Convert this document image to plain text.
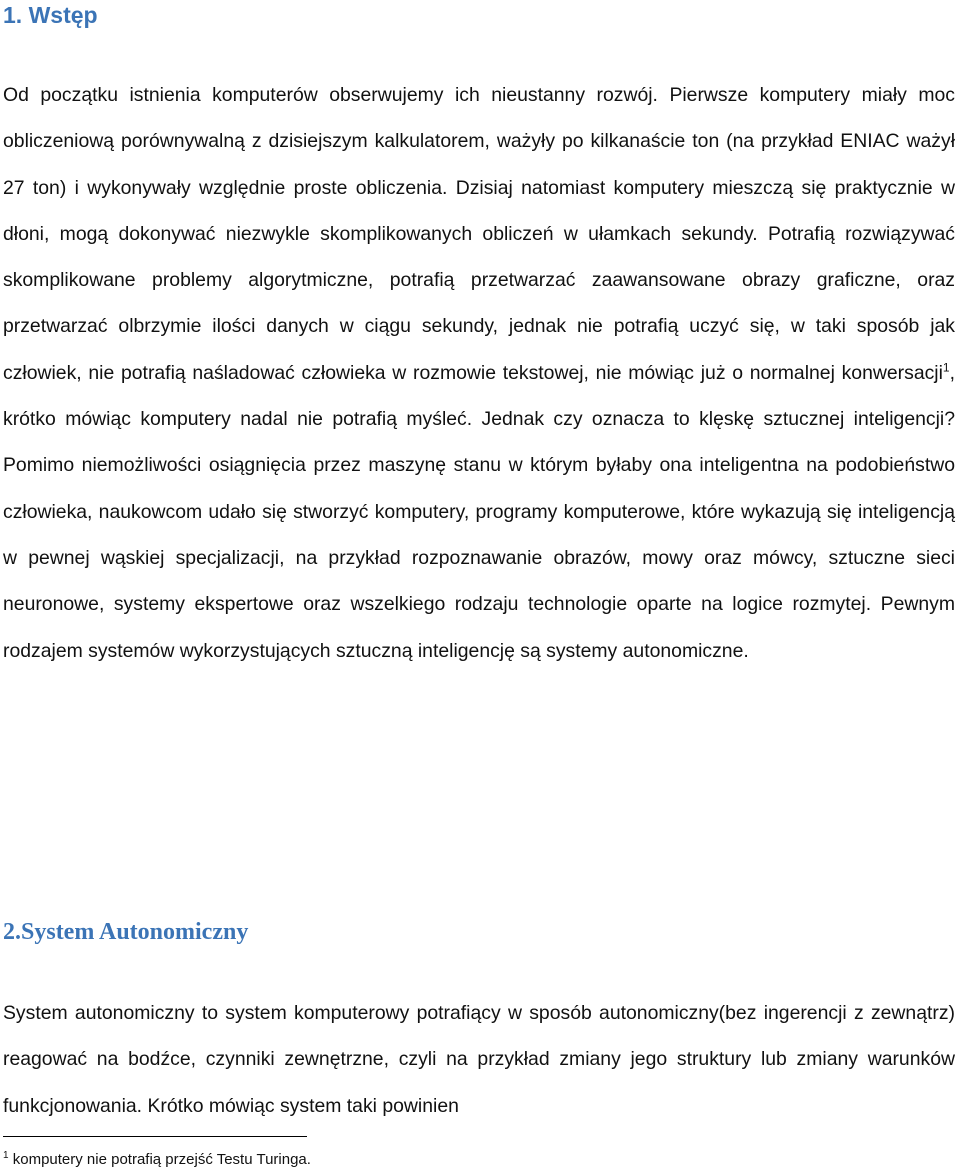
1. Wstęp

Od początku istnienia komputerów obserwujemy ich nieustanny rozwój. Pierwsze komputery miały moc obliczeniową porównywalną z dzisiejszym kalkulatorem, ważyły po kilkanaście ton (na przykład ENIAC ważył 27 ton) i wykonywały względnie proste obliczenia. Dzisiaj natomiast komputery mieszczą się praktycznie w dłoni, mogą dokonywać niezwykle skomplikowanych obliczeń w ułamkach sekundy. Potrafią rozwiązywać skomplikowane problemy algorytmiczne, potrafią przetwarzać zaawansowane obrazy graficzne, oraz przetwarzać olbrzymie ilości danych w ciągu sekundy, jednak nie potrafią uczyć się, w taki sposób jak człowiek, nie potrafią naśladować człowieka w rozmowie tekstowej, nie mówiąc już o normalnej konwersacji$^1$, krótko mówiąc komputery nadal nie potrafią myśleć. Jednak czy oznacza to klęskę sztucznej inteligencji? Pomimo niemożliwości osiągnięcia przez maszynę stanu w którym byłaby ona inteligentna na podobieństwo człowieka, naukowcom udało się stworzyć komputery, programy komputerowe, które wykazują się inteligencją w pewnej wąskiej specjalizacji, na przykład rozpoznawanie obrazów, mowy oraz mówcy, sztuczne sieci neuronowe, systemy ekspertowe oraz wszelkiego rodzaju technologie oparte na logice rozmytej. Pewnym rodzajem systemów wykorzystujących sztuczną inteligencję są systemy autonomiczne.

2.System Autonomiczny

System autonomiczny to system komputerowy potrafiący w sposób autonomiczny(bez ingerencji z zewnątrz) reagować na bodźce, czynniki zewnętrzne, czyli na przykład zmiany jego struktury lub zmiany warunków funkcjonowania. Krótko mówiąc system taki powinien

$^1$ komputery nie potrafią przejść Testu Turinga.
